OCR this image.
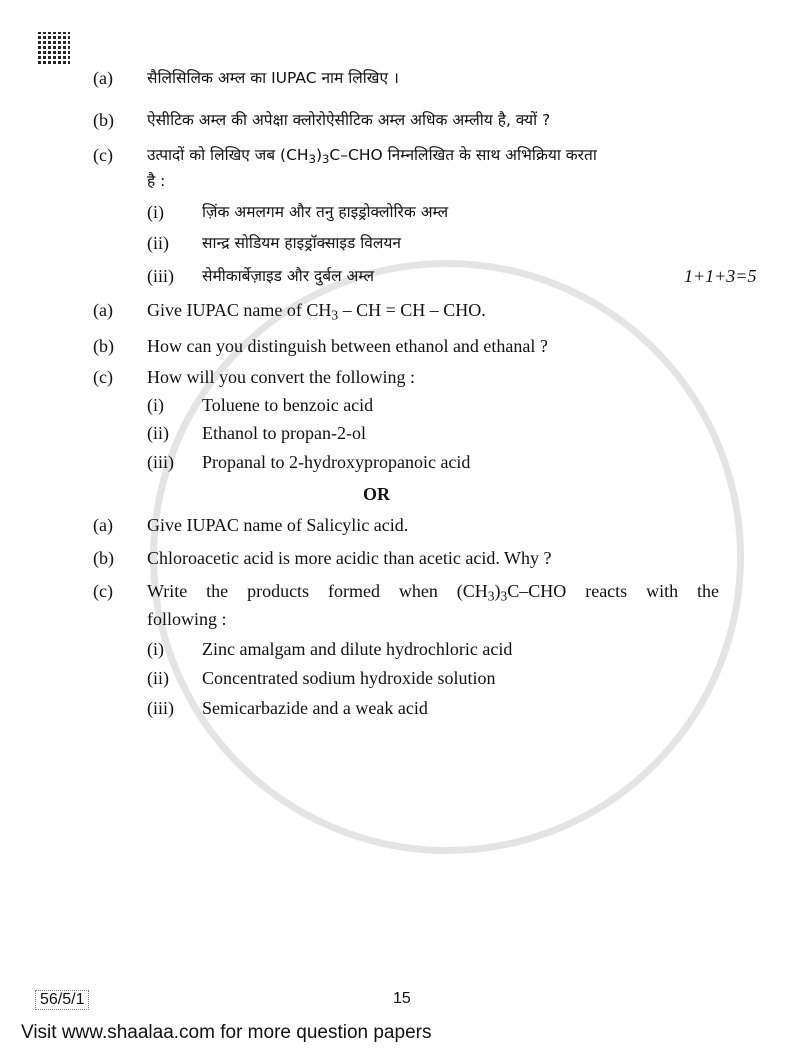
(a) सैलिसिलिक अम्ल का IUPAC नाम लिखिए ।
(b) ऐसीटिक अम्ल की अपेक्षा क्लोरोऐसीटिक अम्ल अधिक अम्लीय है, क्यों ?
(c) उत्पादों को लिखिए जब $(CH_3)_3C$–CHO निम्नलिखित के साथ अभिक्रिया करता
है :
(i) ज़िंक अमलगम और तनु हाइड्रोक्लोरिक अम्ल
(ii) सान्द्र सोडियम हाइड्रॉक्साइड विलयन
(iii) सेमीकार्बेज़ाइड और दुर्बल अम्ल	1+1+3=5
(a) Give IUPAC name of $CH_3$ – CH = CH – CHO.
(b) How can you distinguish between ethanol and ethanal ?
(c) How will you convert the following :
(i) Toluene to benzoic acid
(ii) Ethanol to propan-2-ol
(iii) Propanal to 2-hydroxypropanoic acid
OR
(a) Give IUPAC name of Salicylic acid.
(b) Chloroacetic acid is more acidic than acetic acid. Why ?
(c) Write the products formed when $(CH_3)_3C$–CHO reacts with the
following :
(i) Zinc amalgam and dilute hydrochloric acid
(ii) Concentrated sodium hydroxide solution
(iii) Semicarbazide and a weak acid
56/5/1	15
Visit www.shaalaa.com for more question papers
